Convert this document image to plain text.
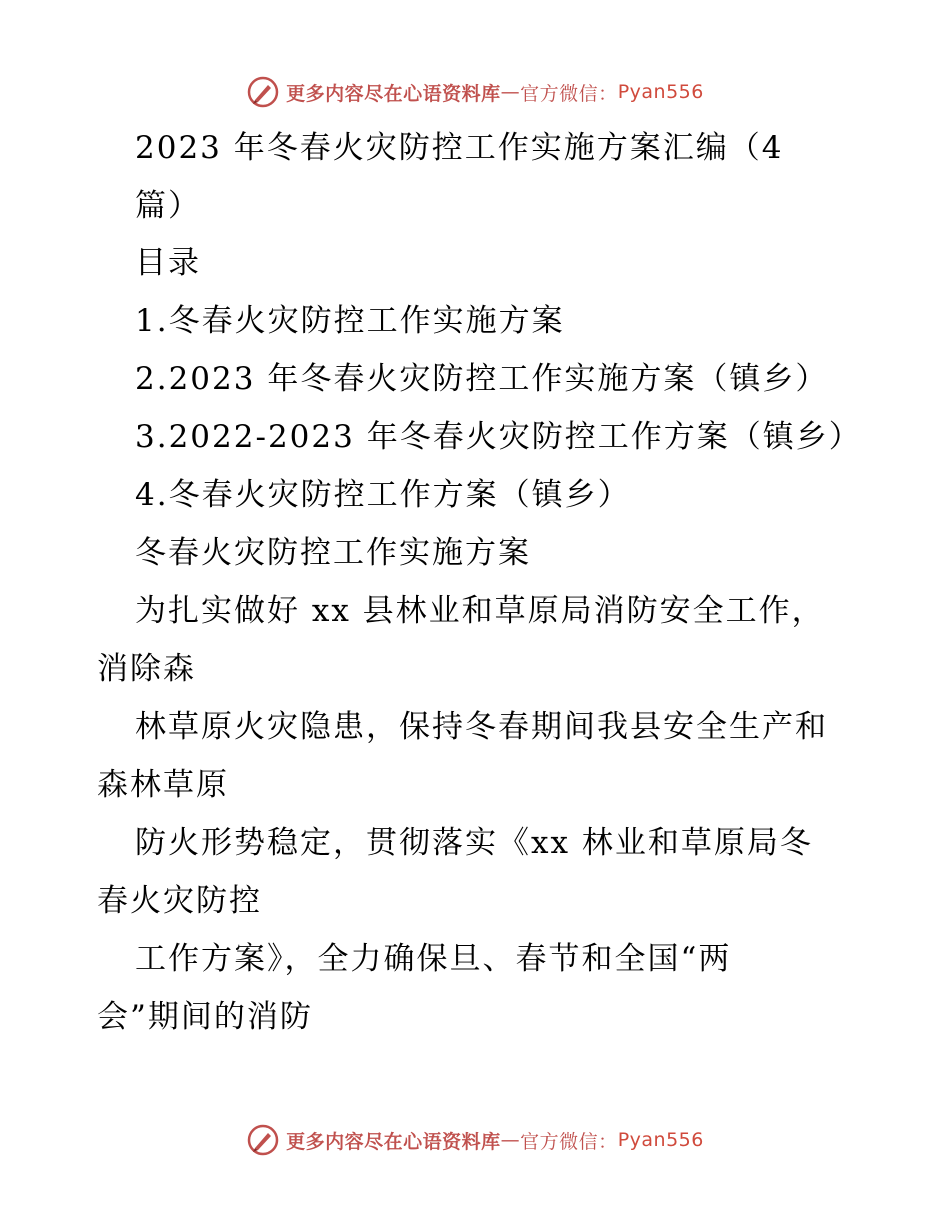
更多内容尽在心语资料库 — 官方微信： Pyan556
2023 年冬春火灾防控工作实施方案汇编（4
篇）
目录
1.冬春火灾防控工作实施方案
2.2023 年冬春火灾防控工作实施方案（镇乡）
3.2022-2023 年冬春火灾防控工作方案（镇乡）
4.冬春火灾防控工作方案（镇乡）
冬春火灾防控工作实施方案
为扎实做好 xx 县林业和草原局消防安全工作，
消除森
林草原火灾隐患，保持冬春期间我县安全生产和
森林草原
防火形势稳定，贯彻落实《xx 林业和草原局冬
春火灾防控
工作方案》，全力确保旦、春节和全国“两
会”期间的消防
更多内容尽在心语资料库 — 官方微信： Pyan556
